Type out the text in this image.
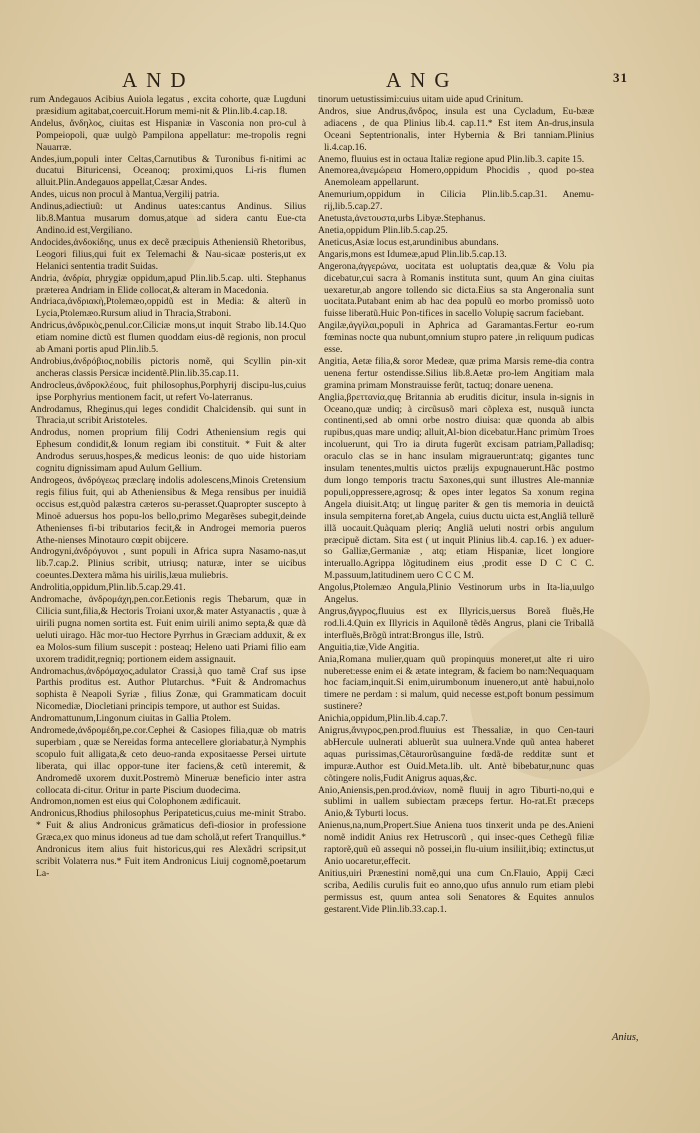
AND	ANG	31

rum Andegauos Acibius Auiola legatus , excita cohorte, quæ Lugduni præsidium agitabat,coercuit.Horum memi-nit & Plin.lib.4.cap.18.

Andelus, ἄνδηλος, ciuitas est Hispaniæ in Vasconia non pro-cul à Pompeiopoli, quæ uulgò Pampilona appellatur: me-tropolis regni Nauarræ.

Andes,ium,populi inter Celtas,Carnutibus & Turonibus fi-nitimi ac ducatui Bituricensi, Oceanoq; proximi,quos Li-ris flumen alluit.Plin.Andegauos appellat,Cæsar Andes.

Andes, uicus non procul à Mantua,Vergilij patria.

Andinus,adiectiuũ: ut Andinus uates:cantus Andinus. Silius lib.8.Mantua musarum domus,atque ad sidera cantu Eue-cta Andino.id est,Vergiliano.

Andocides,ἀνδοκίδης, unus ex decẽ præcipuis Atheniensiũ Rhetoribus, Leogori filius,qui fuit ex Telemachi & Nau-sicaæ posteris,ut ex Helanici sententia tradit Suidas.

Andria, ἀνδρία, phrygiæ oppidum,apud Plin.lib.5.cap. ulti. Stephanus præterea Andriam in Elide collocat,& alteram in Macedonia.

Andriaca,ἀνδριακὴ,Ptolemæo,oppidũ est in Media: & alterũ in Lycia,Ptolemæo.Rursum aliud in Thracia,Straboni.

Andricus,ἀνδρικὸς,penul.cor.Ciliciæ mons,ut inquit Strabo lib.14.Quo etiam nomine dictũ est flumen quoddam eius-dẽ regionis, non procul ab Amani portis apud Plin.lib.5.

Androbius,ἀνδρόβιος,nobilis pictoris nomẽ, qui Scyllin pin-xit ancheras classis Persicæ incidentẽ.Plin.lib.35.cap.11.

Androcleus,ἀνδροκλέους, fuit philosophus,Porphyrij discipu-lus,cuius ipse Porphyrius mentionem facit, ut refert Vo-laterranus.

Androdamus, Rheginus,qui leges condidit Chalcidensib. qui sunt in Thracia,ut scribit Aristoteles.

Androdus, nomen proprium filij Codri Atheniensium regis qui Ephesum condidit,& Ionum regiam ibi constituit. * Fuit & alter Androdus seruus,hospes,& medicus leonis: de quo uide historiam cognitu dignissimam apud Aulum Gellium.

Androgeos, ἀνδρόγεως præclarę indolis adolescens,Minois Cretensium regis filius fuit, qui ab Atheniensibus & Mega rensibus per inuidiã occisus est,quòd palæstra cæteros su-perasset.Quapropter suscepto à Minoë aduersus hos popu-los bello,primo Megarẽses subegit,deinde Athenienses fi-bi tributarios fecit,& in Androgei memoria pueros Athe-nienses Minotauro cœpit obijcere.

Androgyni,ἀνδρόγυνοι , sunt populi in Africa supra Nasamo-nas,ut lib.7.cap.2. Plinius scribit, utriusq; naturæ, inter se uicibus coeuntes.Dextera mãma his uirilis,læua muliebris.

Androlitia,oppidum,Plin.lib.5.cap.29.41.

Andromache, ἀνδρομάχη,pen.cor.Eetionis regis Thebarum, quæ in Cilicia sunt,filia,& Hectoris Troiani uxor,& mater Astyanactis , quæ à uirili pugna nomen sortita est. Fuit enim uirili animo septa,& quæ dà ueluti uirago. Hãc mor-tuo Hectore Pyrrhus in Græciam adduxit, & ex ea Molos-sum filium suscepit : posteaq; Heleno uati Priami filio eam uxorem tradidit,regniq; portionem eidem assignauit.

Andromachus,ἀνδρόμαχος,adulator Crassi,à quo tamẽ Craf sus ipse Parthis proditus est. Author Plutarchus. *Fuit & Andromachus sophista ẽ Neapoli Syriæ , filius Zonæ, qui Grammaticam docuit Nicomediæ, Diocletiani principis tempore, ut author est Suidas.

Andromattunum,Lingonum ciuitas in Gallia Ptolem.

Andromede,ἀνδρομέδη,pe.cor.Cephei & Casiopes filia,quæ ob matris superbiam , quæ se Nereidas forma antecellere gloriabatur,à Nymphis scopulo fuit alligata,& ceto deuo-randa expositaesse Persei uirtute liberata, qui illac oppor-tune iter faciens,& cetũ interemit, & Andromedẽ uxorem duxit.Postremò Mineruæ beneficio inter astra collocata di-citur. Oritur in parte Piscium duodecima.

Andromon,nomen est eius qui Colophonem ædificauit.

Andronicus,Rhodius philosophus Peripateticus,cuius me-minit Strabo. * Fuit & alius Andronicus grãmaticus defi-diosior in professione Græca,ex quo minus idoneus ad tue dam scholã,ut refert Tranquillus.* Andronicus item alius fuit historicus,qui res Alexãdri scripsit,ut scribit Volaterra nus.* Fuit item Andronicus Liuij cognomẽ,poetarum La-

tinorum uetustissimi:cuius uitam uide apud Crinitum.

Andros, siue Andrus,ἄνδρος, insula est una Cycladum, Eu-bææ adiacens , de qua Plinius lib.4. cap.11.* Est item An-drus,insula Oceani Septentrionalis, inter Hybernia & Bri tanniam.Plinius li.4.cap.16.

Anemo, fluuius est in octaua Italiæ regione apud Plin.lib.3. capite 15.

Anemorea,ἀνεμώρεια Homero,oppidum Phocidis , quod po-stea Anemoleam appellarunt.

Anemurium,oppidum in Cilicia Plin.lib.5.cap.31. Anemu-rij,lib.5.cap.27.

Anetusta,ἀνετουστα,urbs Libyæ.Stephanus.

Anetia,oppidum Plin.lib.5.cap.25.

Aneticus,Asiæ locus est,arundinibus abundans.

Angaris,mons est Idumeæ,apud Plin.lib.5.cap.13.

Angerona,ἀγγερώνα, uocitata est uoluptatis dea,quæ & Volu pia dicebatur,cui sacra à Romanis instituta sunt, quum An gina ciuitas uexaretur,ab angore tollendo sic dicta.Eius sa sta Angeronalia sunt uocitata.Putabant enim ab hac dea populũ eo morbo promissõ uoto fuisse liberatũ.Huic Pon-tifices in sacello Volupię sacrum faciebant.

Angilæ,ἀγγίλαι,populi in Aphrica ad Garamantas.Fertur eo-rum fœminas nocte qua nubunt,omnium stupro patere ,in reliquum pudicas esse.

Angitia, Aetæ filia,& soror Medeæ, quæ prima Marsis reme-dia contra uenena fertur ostendisse.Silius lib.8.Aetæ pro-lem Angitiam mala gramina primam Monstrauisse ferũt, tactuq; donare uenena.

Anglia,βρεττανία,quę Britannia ab eruditis dicitur, insula in-signis in Oceano,quæ undiq; à circũsusõ mari cõplexa est, nusquã iuncta continenti,sed ab omni orbe nostro diuisa: quæ quonda ab albis rupibus,quas mare undiq; alluit,Al-bion dicebatur.Hanc primùm Troes incoluerunt, qui Tro ia diruta fugerũt excisam patriam,Palladisq; oraculo clas se in hanc insulam migrauerunt:atq; gigantes tunc insulam tenentes,multis uictos prælijs expugnauerunt.Hãc postmo dum longo temporis tractu Saxones,qui sunt illustres Ale-manniæ populi,oppressere,agrosq; & opes inter legatos Sa xonum regina Angela diuisit.Atq; ut linguę pariter & gen tis memoria in deuictã insula sempiterna foret,ab Angela, cuius ductu uicta est,Angliã tellurẽ illã uocauit.Quàquam pleriq; Angliã ueluti nostri orbis angulum præcipuẽ dictam. Sita est ( ut inquit Plinius lib.4. cap.16. ) ex aduer-so Galliæ,Germaniæ , atq; etiam Hispaniæ, licet longiore interuallo.Agrippa lõgitudinem eius ,prodit esse D C C C. M.passuum,latitudinem uero C C C M.

Angolus,Ptolemæo Angula,Plinio Vestinorum urbs in Ita-lia,uulgo Angelus.

Angrus,ἄγγρος,fluuius est ex Illyricis,uersus Boreã fluẽs,He rod.li.4.Quin ex Illyricis in Aquilonẽ tẽdẽs Angrus, plani cie Triballã interfluẽs,Brõgũ intrat:Brongus ille, Istrũ.

Anguitia,tiæ,Vide Angitia.

Ania,Romana mulier,quam quũ propinquus moneret,ut alte ri uiro nuberet:esse enim ei & ætate integram, & faciem bo nam:Nequaquam hoc faciam,inquit.Si enim,uirumbonum inuenero,ut antè habui,nolo timere ne perdam : si malum, quid necesse est,poft bonum pessimum sustinere?

Anichia,oppidum,Plin.lib.4.cap.7.

Anigrus,ἄνιγρος,pen.prod.fluuius est Thessaliæ, in quo Cen-tauri abHercule uulnerati abluerũt sua uulnera.Vnde quũ antea haberet aquas purissimas,Cẽtaurorũsanguine fœdã-de redditæ sunt et impuræ.Author est Ouid.Meta.lib. ult. Antè bibebatur,nunc quas cõtingere nolis,Fudit Anigrus aquas,&c.

Anio,Aniensis,pen.prod.ἀνίων, nomẽ fluuij in agro Tiburti-no,qui e sublimi in uallem subiectam præceps fertur. Ho-rat.Et præceps Anio,& Tyburti locus.

Anienus,na,num,Propert.Siue Aniena tuos tinxerit unda pe des.Anieni nomẽ indidit Anius rex Hetruscorũ , qui insec-ques Cethegũ filiæ raptorẽ,quũ eũ assequi nõ possei,in flu-uium insiliit,ibiq; extinctus,ut Anio uocaretur,effecit.

Anitius,uiri Prænestini nomẽ,qui una cum Cn.Flauio, Appij Cæci scriba, Aedilis curulis fuit eo anno,quo ufus annulo rum etiam plebi permissus est, quum antea soli Senatores & Equites annulos gestarent.Vide Plin.lib.33.cap.1.

Anius,
